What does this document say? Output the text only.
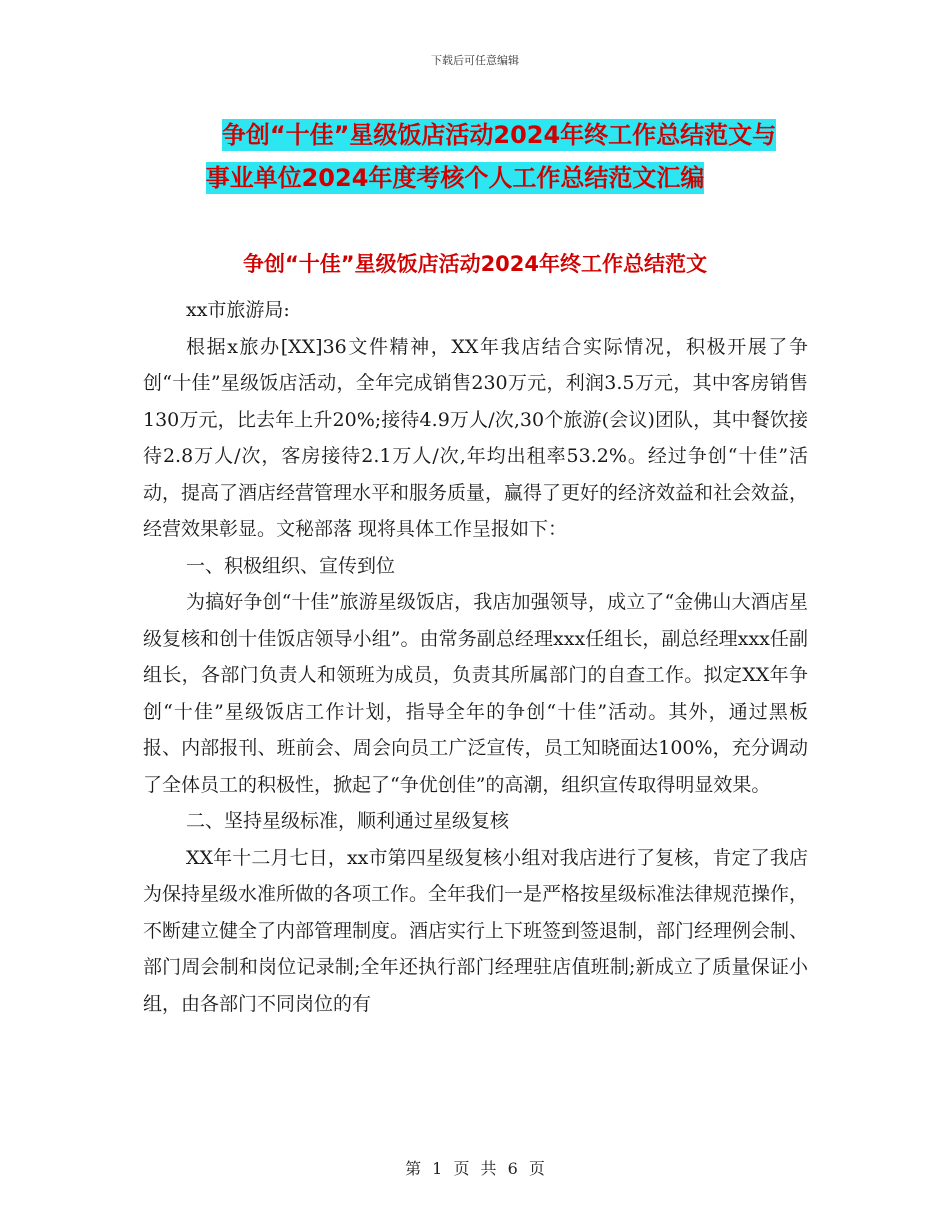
下载后可任意编辑
争创“十佳”星级饭店活动2024年终工作总结范文与
事业单位2024年度考核个人工作总结范文汇编
争创“十佳”星级饭店活动2024年终工作总结范文

xx市旅游局:

根据x旅办[XX]36文件精神，XX年我店结合实际情况，积极开展了争创“十佳”星级饭店活动，全年完成销售230万元，利润3.5万元，其中客房销售130万元，比去年上升20%;接待4.9万人/次,30个旅游(会议)团队，其中餐饮接待2.8万人/次，客房接待2.1万人/次,年均出租率53.2%。经过争创“十佳”活动，提高了酒店经营管理水平和服务质量，赢得了更好的经济效益和社会效益，经营效果彰显。文秘部落 现将具体工作呈报如下：

一、积极组织、宣传到位

为搞好争创“十佳”旅游星级饭店，我店加强领导，成立了“金佛山大酒店星级复核和创十佳饭店领导小组”。由常务副总经理xxx任组长，副总经理xxx任副组长，各部门负责人和领班为成员，负责其所属部门的自查工作。拟定XX年争创“十佳”星级饭店工作计划，指导全年的争创“十佳”活动。其外，通过黑板报、内部报刊、班前会、周会向员工广泛宣传，员工知晓面达100%，充分调动了全体员工的积极性，掀起了“争优创佳”的高潮，组织宣传取得明显效果。

二、坚持星级标准，顺利通过星级复核

XX年十二月七日，xx市第四星级复核小组对我店进行了复核，肯定了我店为保持星级水准所做的各项工作。全年我们一是严格按星级标准法律规范操作，不断建立健全了内部管理制度。酒店实行上下班签到签退制，部门经理例会制、部门周会制和岗位记录制;全年还执行部门经理驻店值班制;新成立了质量保证小组，由各部门不同岗位的有

第 1 页 共 6 页
